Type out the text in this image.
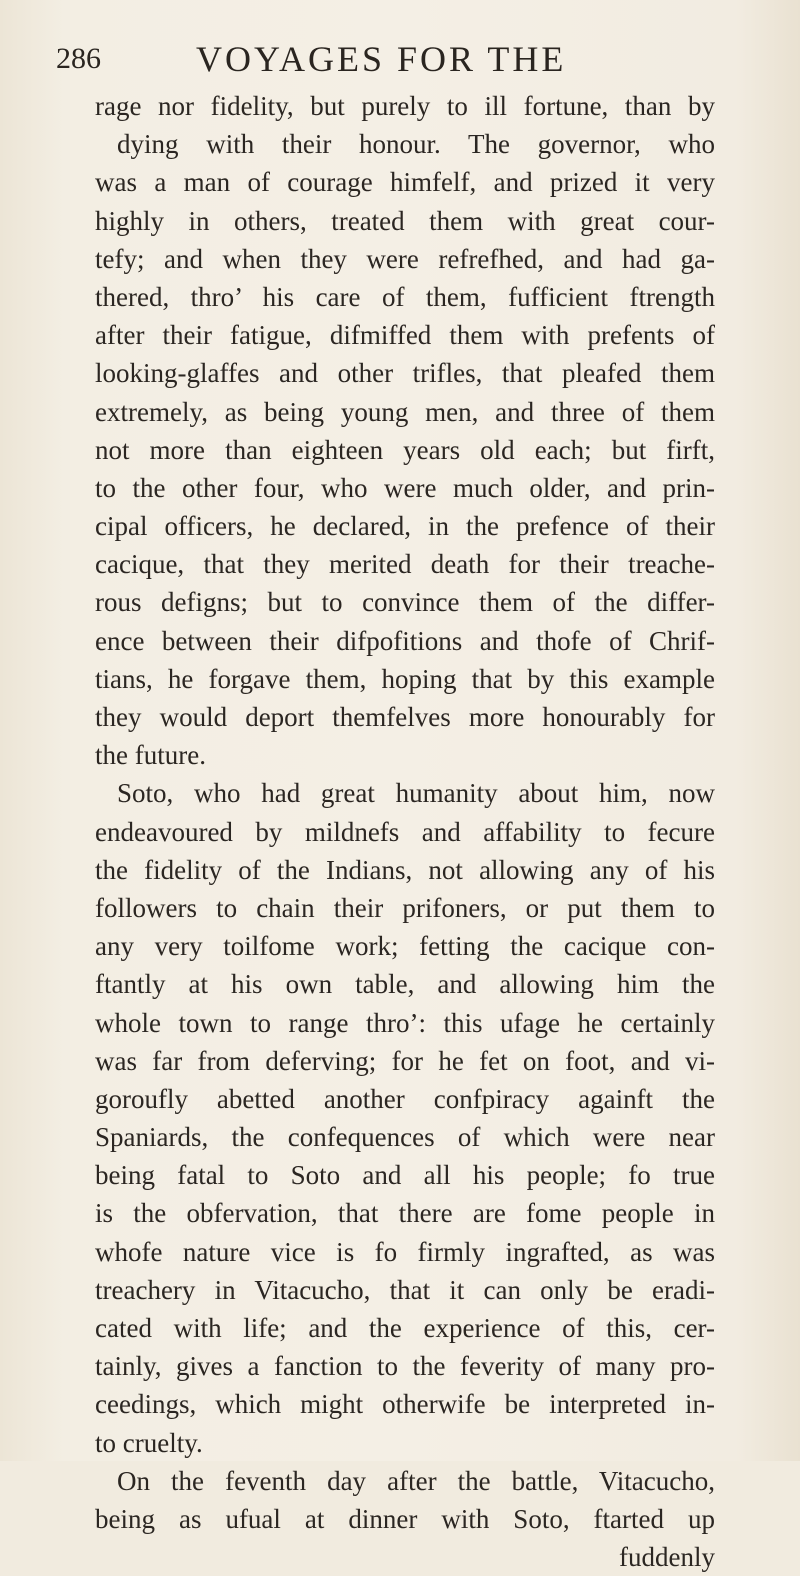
286	VOYAGES FOR THE
rage nor fidelity, but purely to ill fortune, than by
dying with their honour. The governor, who
was a man of courage himfelf, and prized it very
highly in others, treated them with great cour-
tefy; and when they were refrefhed, and had ga-
thered, thro’ his care of them, fufficient ftrength
after their fatigue, difmiffed them with prefents of
looking-glaffes and other trifles, that pleafed them
extremely, as being young men, and three of them
not more than eighteen years old each; but firft,
to the other four, who were much older, and prin-
cipal officers, he declared, in the prefence of their
cacique, that they merited death for their treache-
rous defigns; but to convince them of the differ-
ence between their difpofitions and thofe of Chrif-
tians, he forgave them, hoping that by this example
they would deport themfelves more honourably for
the future.
Soto, who had great humanity about him, now
endeavoured by mildnefs and affability to fecure
the fidelity of the Indians, not allowing any of his
followers to chain their prifoners, or put them to
any very toilfome work; fetting the cacique con-
ftantly at his own table, and allowing him the
whole town to range thro’: this ufage he certainly
was far from deferving; for he fet on foot, and vi-
goroufly abetted another confpiracy againft the
Spaniards, the confequences of which were near
being fatal to Soto and all his people; fo true
is the obfervation, that there are fome people in
whofe nature vice is fo firmly ingrafted, as was
treachery in Vitacucho, that it can only be eradi-
cated with life; and the experience of this, cer-
tainly, gives a fanction to the feverity of many pro-
ceedings, which might otherwife be interpreted in-
to cruelty.
On the feventh day after the battle, Vitacucho,
being as ufual at dinner with Soto, ftarted up
fuddenly
